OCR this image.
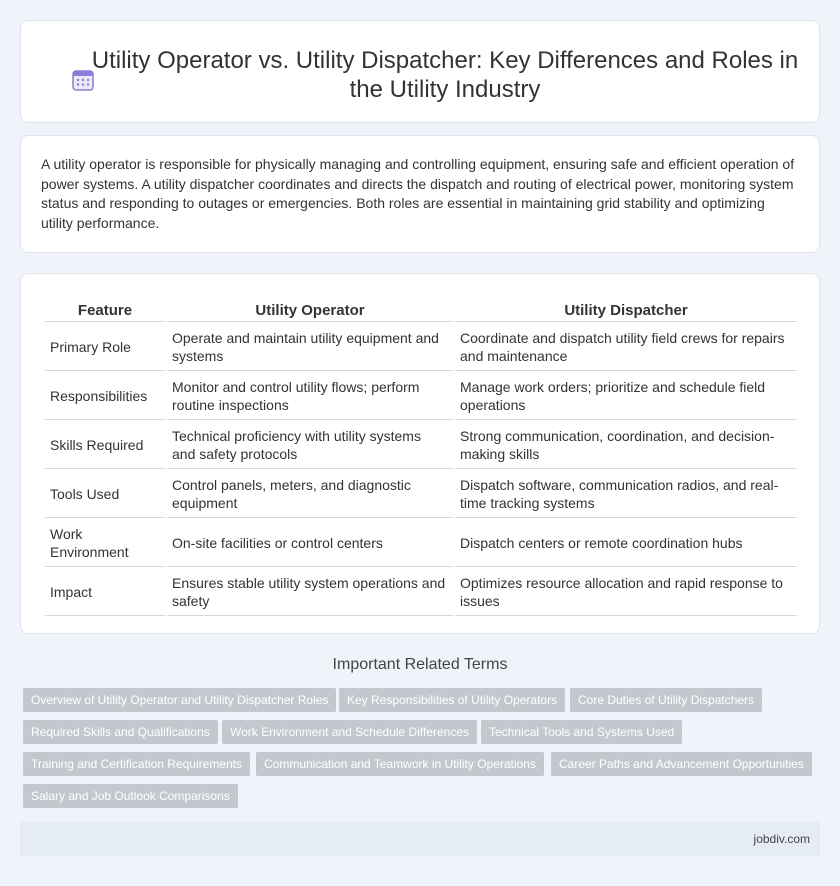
Utility Operator vs. Utility Dispatcher: Key Differences and Roles in the Utility Industry

A utility operator is responsible for physically managing and controlling equipment, ensuring safe and efficient operation of power systems. A utility dispatcher coordinates and directs the dispatch and routing of electrical power, monitoring system status and responding to outages or emergencies. Both roles are essential in maintaining grid stability and optimizing utility performance.

Feature	Utility Operator	Utility Dispatcher
Primary Role	Operate and maintain utility equipment and systems	Coordinate and dispatch utility field crews for repairs and maintenance
Responsibilities	Monitor and control utility flows; perform routine inspections	Manage work orders; prioritize and schedule field operations
Skills Required	Technical proficiency with utility systems and safety protocols	Strong communication, coordination, and decision-making skills
Tools Used	Control panels, meters, and diagnostic equipment	Dispatch software, communication radios, and real-time tracking systems
Work Environment	On-site facilities or control centers	Dispatch centers or remote coordination hubs
Impact	Ensures stable utility system operations and safety	Optimizes resource allocation and rapid response to issues
Important Related Terms
Overview of Utility Operator and Utility Dispatcher Roles	Key Responsibilities of Utility Operators	Core Duties of Utility Dispatchers
Required Skills and Qualifications	Work Environment and Schedule Differences	Technical Tools and Systems Used
Training and Certification Requirements	Communication and Teamwork in Utility Operations	Career Paths and Advancement Opportunities
Salary and Job Outlook Comparisons
jobdiv.com
